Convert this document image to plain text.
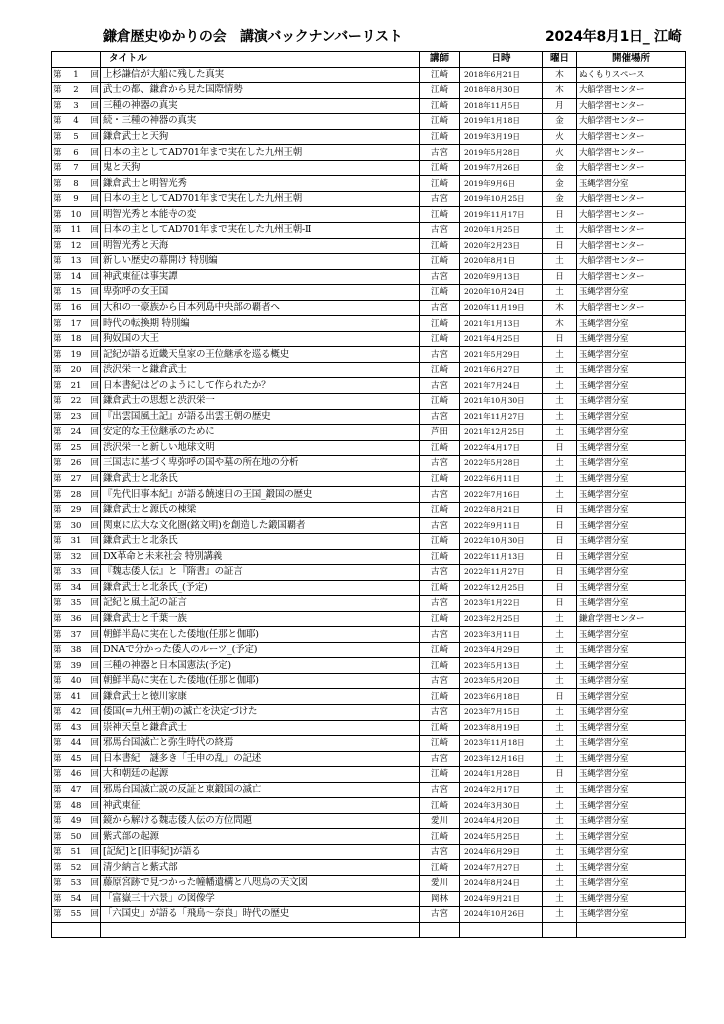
鎌倉歴史ゆかりの会　講演バックナンバーリスト	2024年8月1日_ 江崎
	タイトル	講師	日時	曜日	開催場所

第 1 回	上杉謙信が大船に残した真実	江崎	2018年6月21日	木	ぬくもりスペース

第 2 回	武士の都、鎌倉から見た国際情勢	江崎	2018年8月30日	木	大船学習センター

第 3 回	三種の神器の真実	江崎	2018年11月5日	月	大船学習センター

第 4 回	続・三種の神器の真実	江崎	2019年1月18日	金	大船学習センター

第 5 回	鎌倉武士と天狗	江崎	2019年3月19日	火	大船学習センター

第 6 回	日本の主としてAD701年まで実在した九州王朝	古宮	2019年5月28日	火	大船学習センター

第 7 回	鬼と天狗	江崎	2019年7月26日	金	大船学習センター

第 8 回	鎌倉武士と明智光秀	江崎	2019年9月6日	金	玉縄学習分室

第 9 回	日本の主としてAD701年まで実在した九州王朝	古宮	2019年10月25日	金	大船学習センター

第 10 回	明智光秀と本能寺の変	江崎	2019年11月17日	日	大船学習センター

第 11 回	日本の主としてAD701年まで実在した九州王朝-Ⅱ	古宮	2020年1月25日	土	大船学習センター

第 12 回	明智光秀と天海	江崎	2020年2月23日	日	大船学習センター

第 13 回	新しい歴史の幕開け 特別編	江崎	2020年8月1日	土	大船学習センター

第 14 回	神武東征は事実譚	古宮	2020年9月13日	日	大船学習センター

第 15 回	卑弥呼の女王国	江崎	2020年10月24日	土	玉縄学習分室

第 16 回	大和の一豪族から日本列島中央部の覇者へ	古宮	2020年11月19日	木	大船学習センター

第 17 回	時代の転換期 特別編	江崎	2021年1月13日	木	玉縄学習分室

第 18 回	狗奴国の大王	江崎	2021年4月25日	日	玉縄学習分室

第 19 回	記紀が語る近畿天皇家の王位継承を巡る概史	古宮	2021年5月29日	土	玉縄学習分室

第 20 回	渋沢栄一と鎌倉武士	江崎	2021年6月27日	土	玉縄学習分室

第 21 回	日本書紀はどのようにして作られたか？	古宮	2021年7月24日	土	玉縄学習分室

第 22 回	鎌倉武士の思想と渋沢栄一	江崎	2021年10月30日	土	玉縄学習分室

第 23 回	『出雲国風土記』が語る出雲王朝の歴史	古宮	2021年11月27日	土	玉縄学習分室

第 24 回	安定的な王位継承のために	芦田	2021年12月25日	土	玉縄学習分室

第 25 回	渋沢栄一と新しい地球文明	江崎	2022年4月17日	日	玉縄学習分室

第 26 回	三国志に基づく卑弥呼の国や墓の所在地の分析	古宮	2022年5月28日	土	玉縄学習分室

第 27 回	鎌倉武士と北条氏	江崎	2022年6月11日	土	玉縄学習分室

第 28 回	『先代旧事本紀』が語る饒速日の王国_鍛国の歴史	古宮	2022年7月16日	土	玉縄学習分室

第 29 回	鎌倉武士と源氏の棟梁	江崎	2022年8月21日	日	玉縄学習分室

第 30 回	関東に広大な文化圏(銘文明)を創造した鍛国覇者	古宮	2022年9月11日	日	玉縄学習分室

第 31 回	鎌倉武士と北条氏	江崎	2022年10月30日	日	玉縄学習分室

第 32 回	DX革命と未来社会 特別講義	江崎	2022年11月13日	日	玉縄学習分室

第 33 回	『魏志倭人伝』と『隋書』の証言	古宮	2022年11月27日	日	玉縄学習分室

第 34 回	鎌倉武士と北条氏_(予定)	江崎	2022年12月25日	日	玉縄学習分室

第 35 回	記紀と風土記の証言	古宮	2023年1月22日	日	玉縄学習分室

第 36 回	鎌倉武士と千葉一族	江崎	2023年2月25日	土	鎌倉学習センター

第 37 回	朝鮮半島に実在した倭地(任那と伽耶)	古宮	2023年3月11日	土	玉縄学習分室

第 38 回	DNAで分かった倭人のルーツ_(予定)	江崎	2023年4月29日	土	玉縄学習分室

第 39 回	三種の神器と日本国憲法(予定)	江崎	2023年5月13日	土	玉縄学習分室

第 40 回	朝鮮半島に実在した倭地(任那と伽耶)	古宮	2023年5月20日	土	玉縄学習分室

第 41 回	鎌倉武士と徳川家康	江崎	2023年6月18日	日	玉縄学習分室

第 42 回	倭国(=九州王朝)の滅亡を決定づけた	古宮	2023年7月15日	土	玉縄学習分室

第 43 回	崇神天皇と鎌倉武士	江崎	2023年8月19日	土	玉縄学習分室

第 44 回	邪馬台国滅亡と弥生時代の終焉	江崎	2023年11月18日	土	玉縄学習分室

第 45 回	日本書紀　謎多き「壬申の乱」の記述	古宮	2023年12月16日	土	玉縄学習分室

第 46 回	大和朝廷の起源	江崎	2024年1月28日	日	玉縄学習分室

第 47 回	邪馬台国滅亡説の反証と東鍛国の滅亡	古宮	2024年2月17日	土	玉縄学習分室

第 48 回	神武東征	江崎	2024年3月30日	土	玉縄学習分室

第 49 回	鏡から解ける魏志倭人伝の方位問題	愛川	2024年4月20日	土	玉縄学習分室

第 50 回	紫式部の起源	江崎	2024年5月25日	土	玉縄学習分室

第 51 回	[記紀]と[旧事紀]が語る	古宮	2024年6月29日	土	玉縄学習分室

第 52 回	清少納言と紫式部	江崎	2024年7月27日	土	玉縄学習分室

第 53 回	藤原宮跡で見つかった幢幡遺構と八咫烏の天文図	愛川	2024年8月24日	土	玉縄学習分室

第 54 回	「富嶽三十六景」の図像学	岡林	2024年9月21日	土	玉縄学習分室

第 55 回	「六国史」が語る「飛鳥～奈良」時代の歴史	古宮	2024年10月26日	土	玉縄学習分室
